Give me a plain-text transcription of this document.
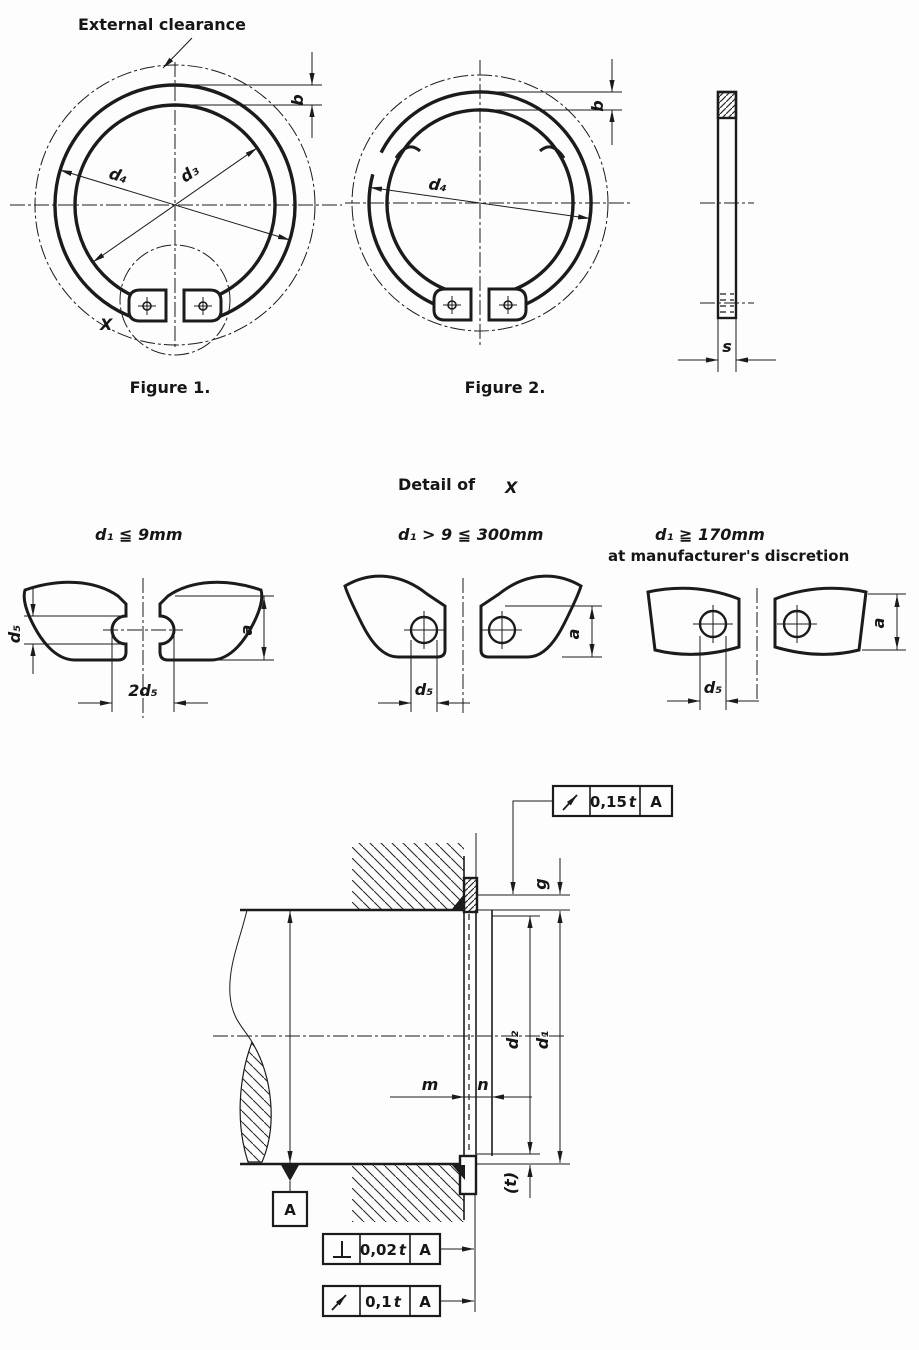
External clearance
b
d₄	d₃
X
Figure 1.
d₄
b
Figure 2.
s
Detail of X
d₁ ≦ 9mm
d₅
2d₅
a
d₁ > 9 ≦ 300mm
d₅
a
d₁ ≧ 170mm
at manufacturer's discretion
d₅
a
g
d₁
d₂
(t)
m n
A
0,15 t A
0,02 t A
0,1 t A
